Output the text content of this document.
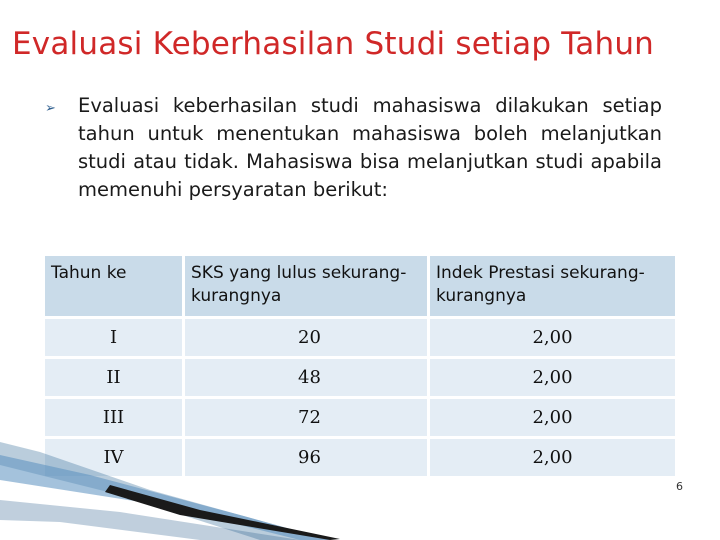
Evaluasi Keberhasilan Studi setiap Tahun
➢ Evaluasi keberhasilan studi mahasiswa dilakukan setiap tahun untuk menentukan mahasiswa boleh melanjutkan studi atau tidak. Mahasiswa bisa melanjutkan studi apabila memenuhi persyaratan berikut:
Tahun ke	SKS yang lulus sekurang-kurangnya	Indek Prestasi sekurang-kurangnya
I	20	2,00
II	48	2,00
III	72	2,00
IV	96	2,00
6
